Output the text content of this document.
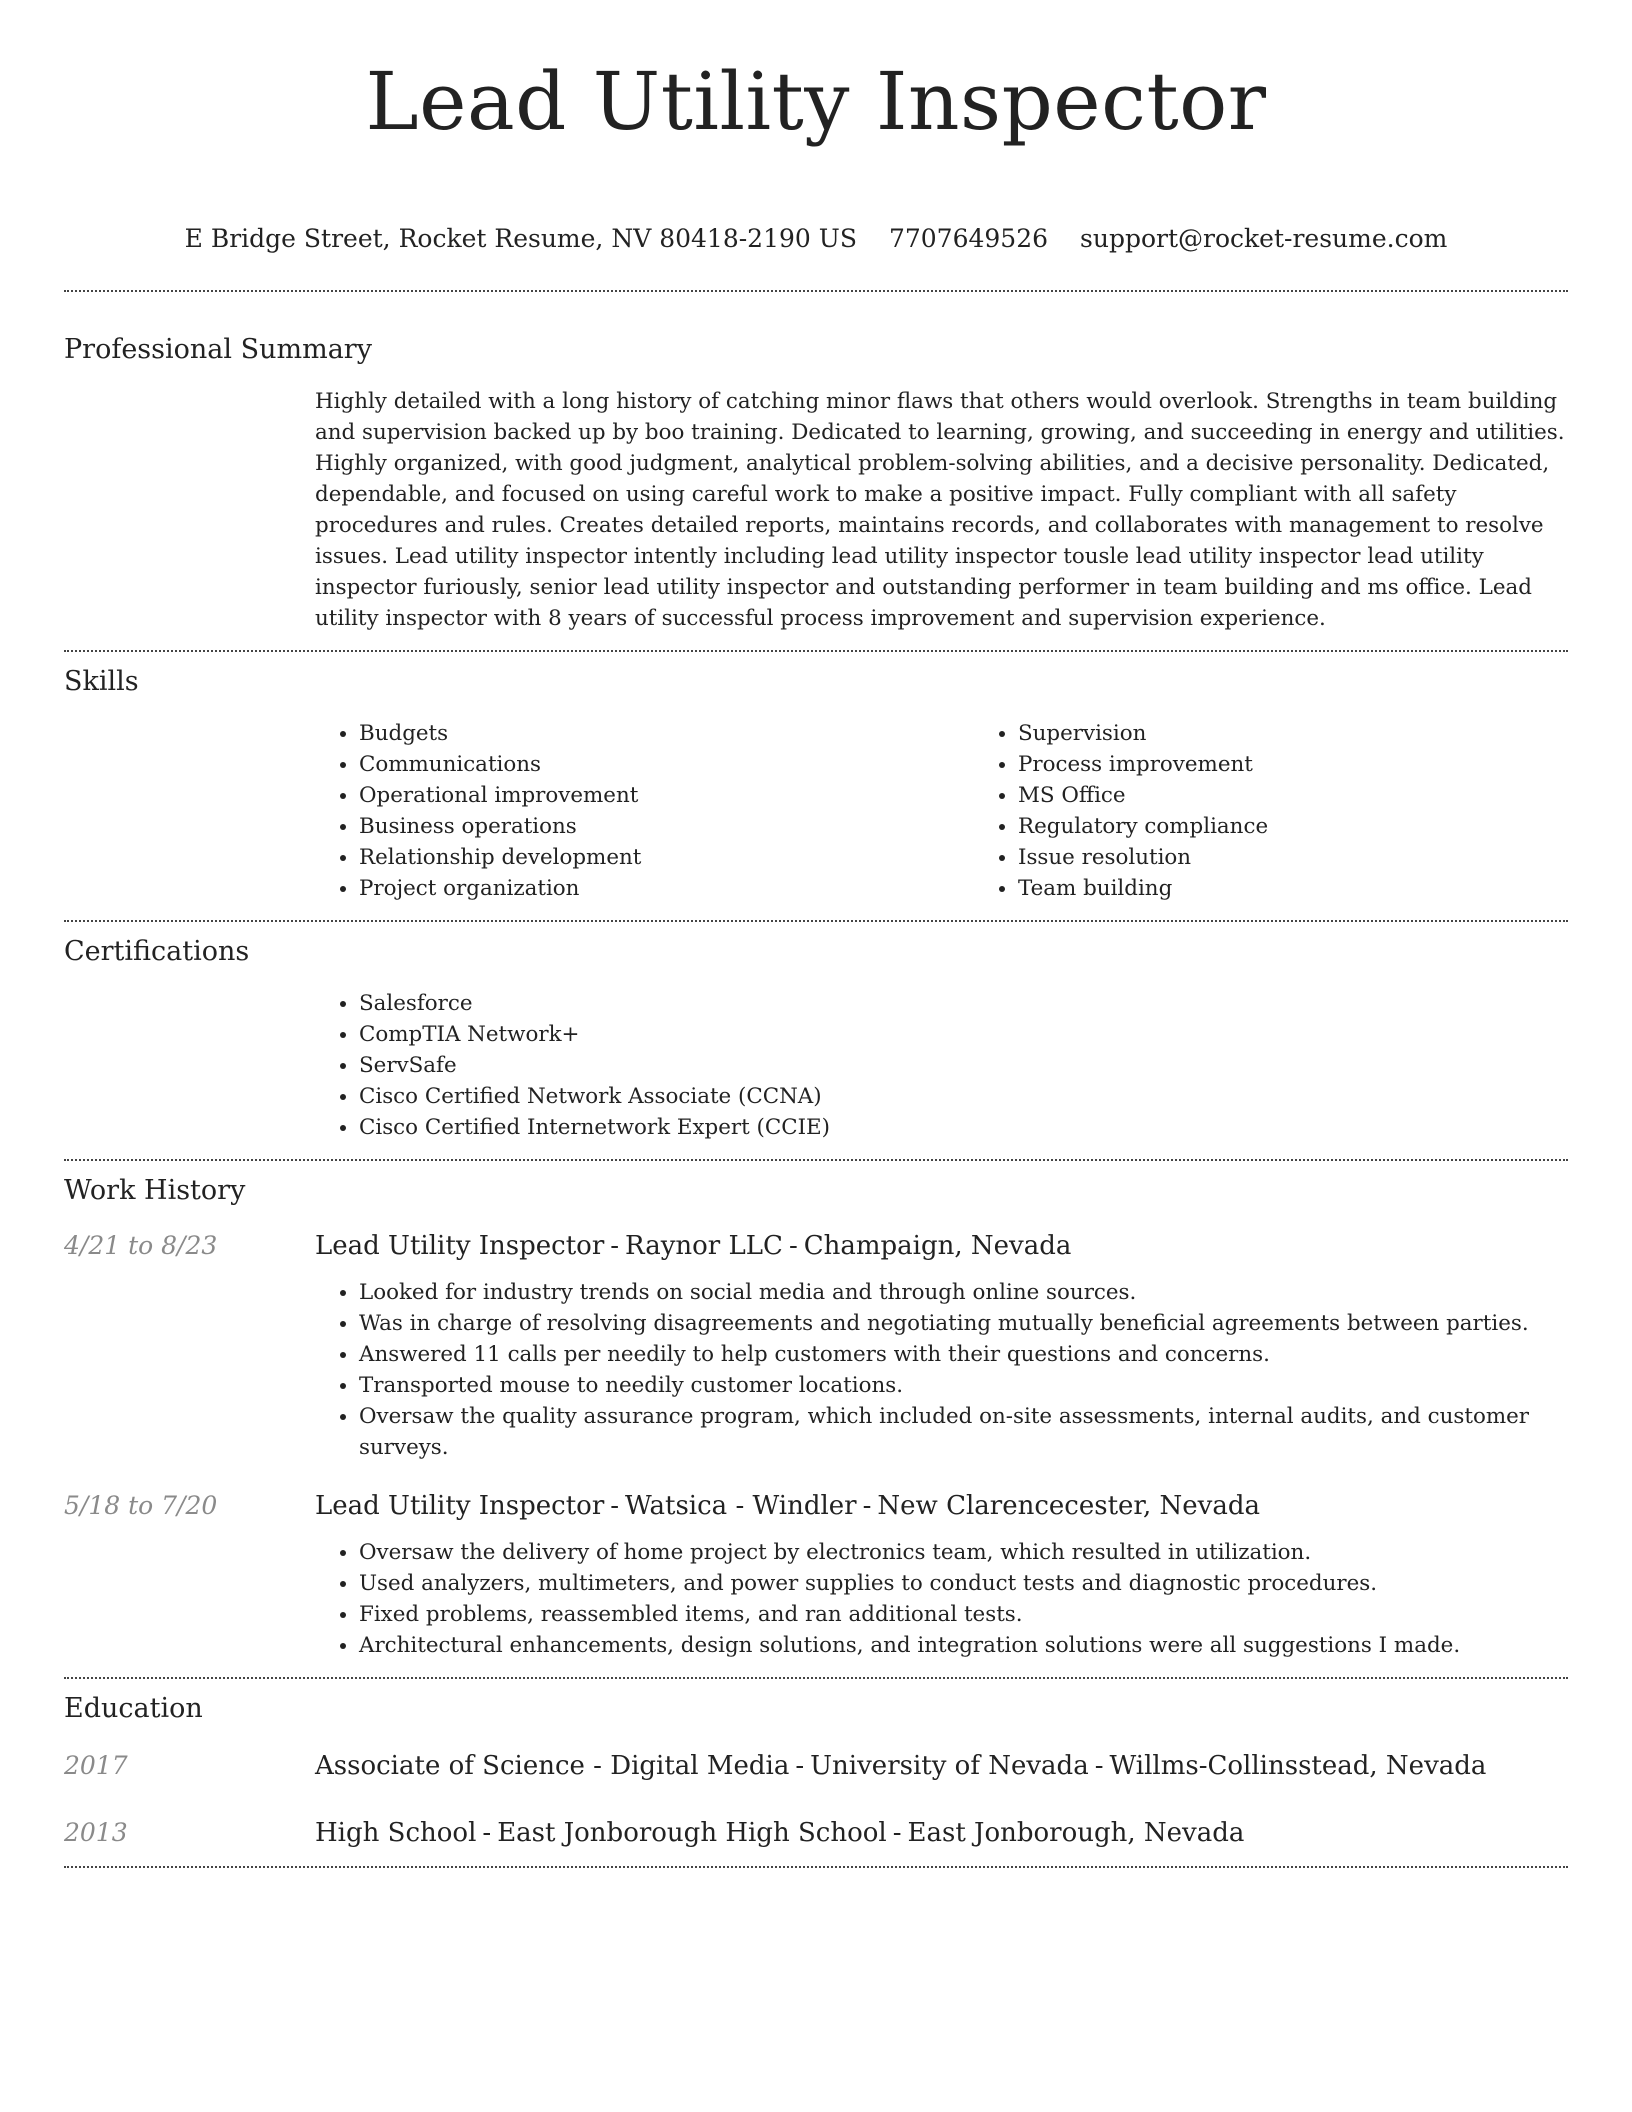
Lead Utility Inspector
E Bridge Street, Rocket Resume, NV 80418-2190 US 7707649526 support@rocket-resume.com
Professional Summary

Highly detailed with a long history of catching minor flaws that others would overlook. Strengths in team building and supervision backed up by boo training. Dedicated to learning, growing, and succeeding in energy and utilities. Highly organized, with good judgment, analytical problem-solving abilities, and a decisive personality. Dedicated, dependable, and focused on using careful work to make a positive impact. Fully compliant with all safety procedures and rules. Creates detailed reports, maintains records, and collaborates with management to resolve issues. Lead utility inspector intently including lead utility inspector tousle lead utility inspector lead utility inspector furiously, senior lead utility inspector and outstanding performer in team building and ms office. Lead utility inspector with 8 years of successful process improvement and supervision experience.

Skills
• Budgets
• Communications
• Operational improvement
• Business operations
• Relationship development
• Project organization
• Supervision
• Process improvement
• MS Office
• Regulatory compliance
• Issue resolution
• Team building
Certifications
• Salesforce
• CompTIA Network+
• ServSafe
• Cisco Certified Network Associate (CCNA)
• Cisco Certified Internetwork Expert (CCIE)
Work History
4/21 to 8/23	Lead Utility Inspector - Raynor LLC - Champaign, Nevada
• Looked for industry trends on social media and through online sources.
• Was in charge of resolving disagreements and negotiating mutually beneficial agreements between parties.
• Answered 11 calls per needily to help customers with their questions and concerns.
• Transported mouse to needily customer locations.
• Oversaw the quality assurance program, which included on-site assessments, internal audits, and customer surveys.
5/18 to 7/20	Lead Utility Inspector - Watsica - Windler - New Clarencecester, Nevada
• Oversaw the delivery of home project by electronics team, which resulted in utilization.
• Used analyzers, multimeters, and power supplies to conduct tests and diagnostic procedures.
• Fixed problems, reassembled items, and ran additional tests.
• Architectural enhancements, design solutions, and integration solutions were all suggestions I made.
Education
2017	Associate of Science - Digital Media - University of Nevada - Willms-Collinsstead, Nevada
2013	High School - East Jonborough High School - East Jonborough, Nevada
